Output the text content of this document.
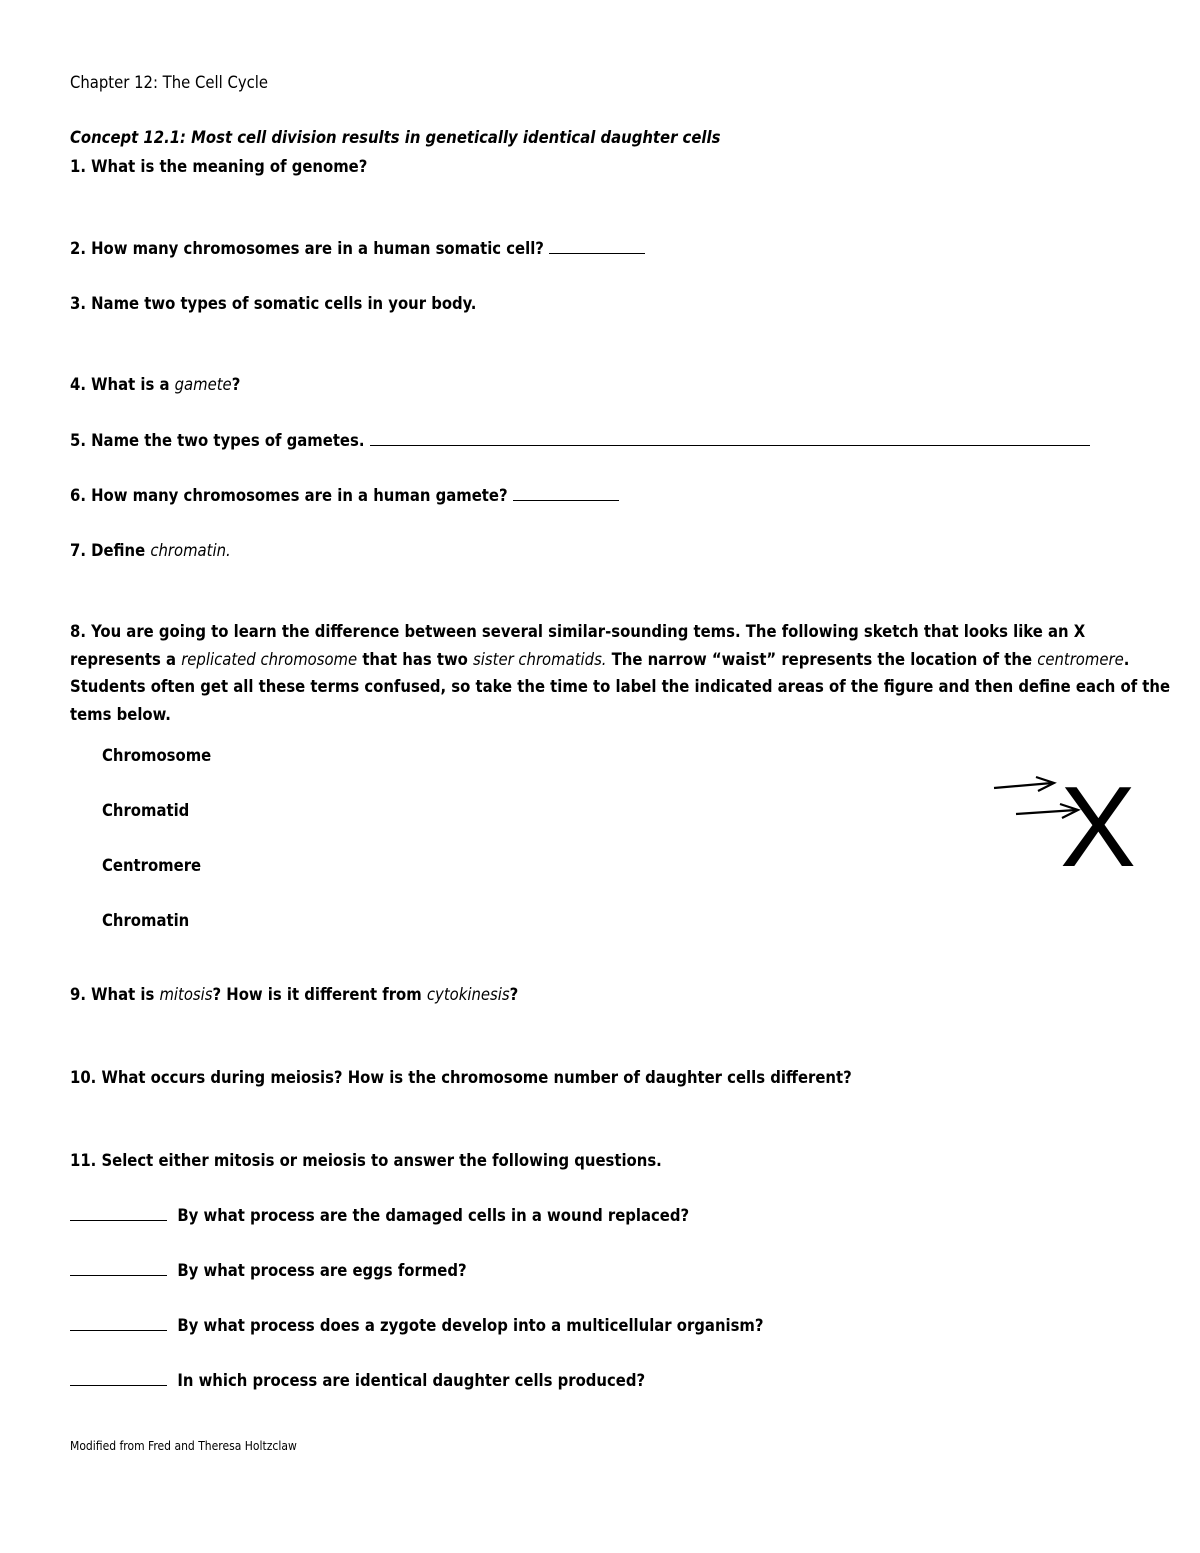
Chapter 12: The Cell Cycle
Concept 12.1: Most cell division results in genetically identical daughter cells
1. What is the meaning of genome?
2. How many chromosomes are in a human somatic cell?
3. Name two types of somatic cells in your body.
4. What is a gamete?
5. Name the two types of gametes.
6. How many chromosomes are in a human gamete?
7. Define chromatin.
8. You are going to learn the difference between several similar-sounding tems. The following sketch that looks like an X
represents a replicated chromosome that has two sister chromatids. The narrow “waist” represents the location of the centromere.
Students often get all these terms confused, so take the time to label the indicated areas of the figure and then define each of the
tems below.
Chromosome
Chromatid
Centromere
Chromatin
X
9. What is mitosis? How is it different from cytokinesis?
10. What occurs during meiosis? How is the chromosome number of daughter cells different?
11. Select either mitosis or meiosis to answer the following questions.
By what process are the damaged cells in a wound replaced?
By what process are eggs formed?
By what process does a zygote develop into a multicellular organism?
In which process are identical daughter cells produced?
Modified from Fred and Theresa Holtzclaw
